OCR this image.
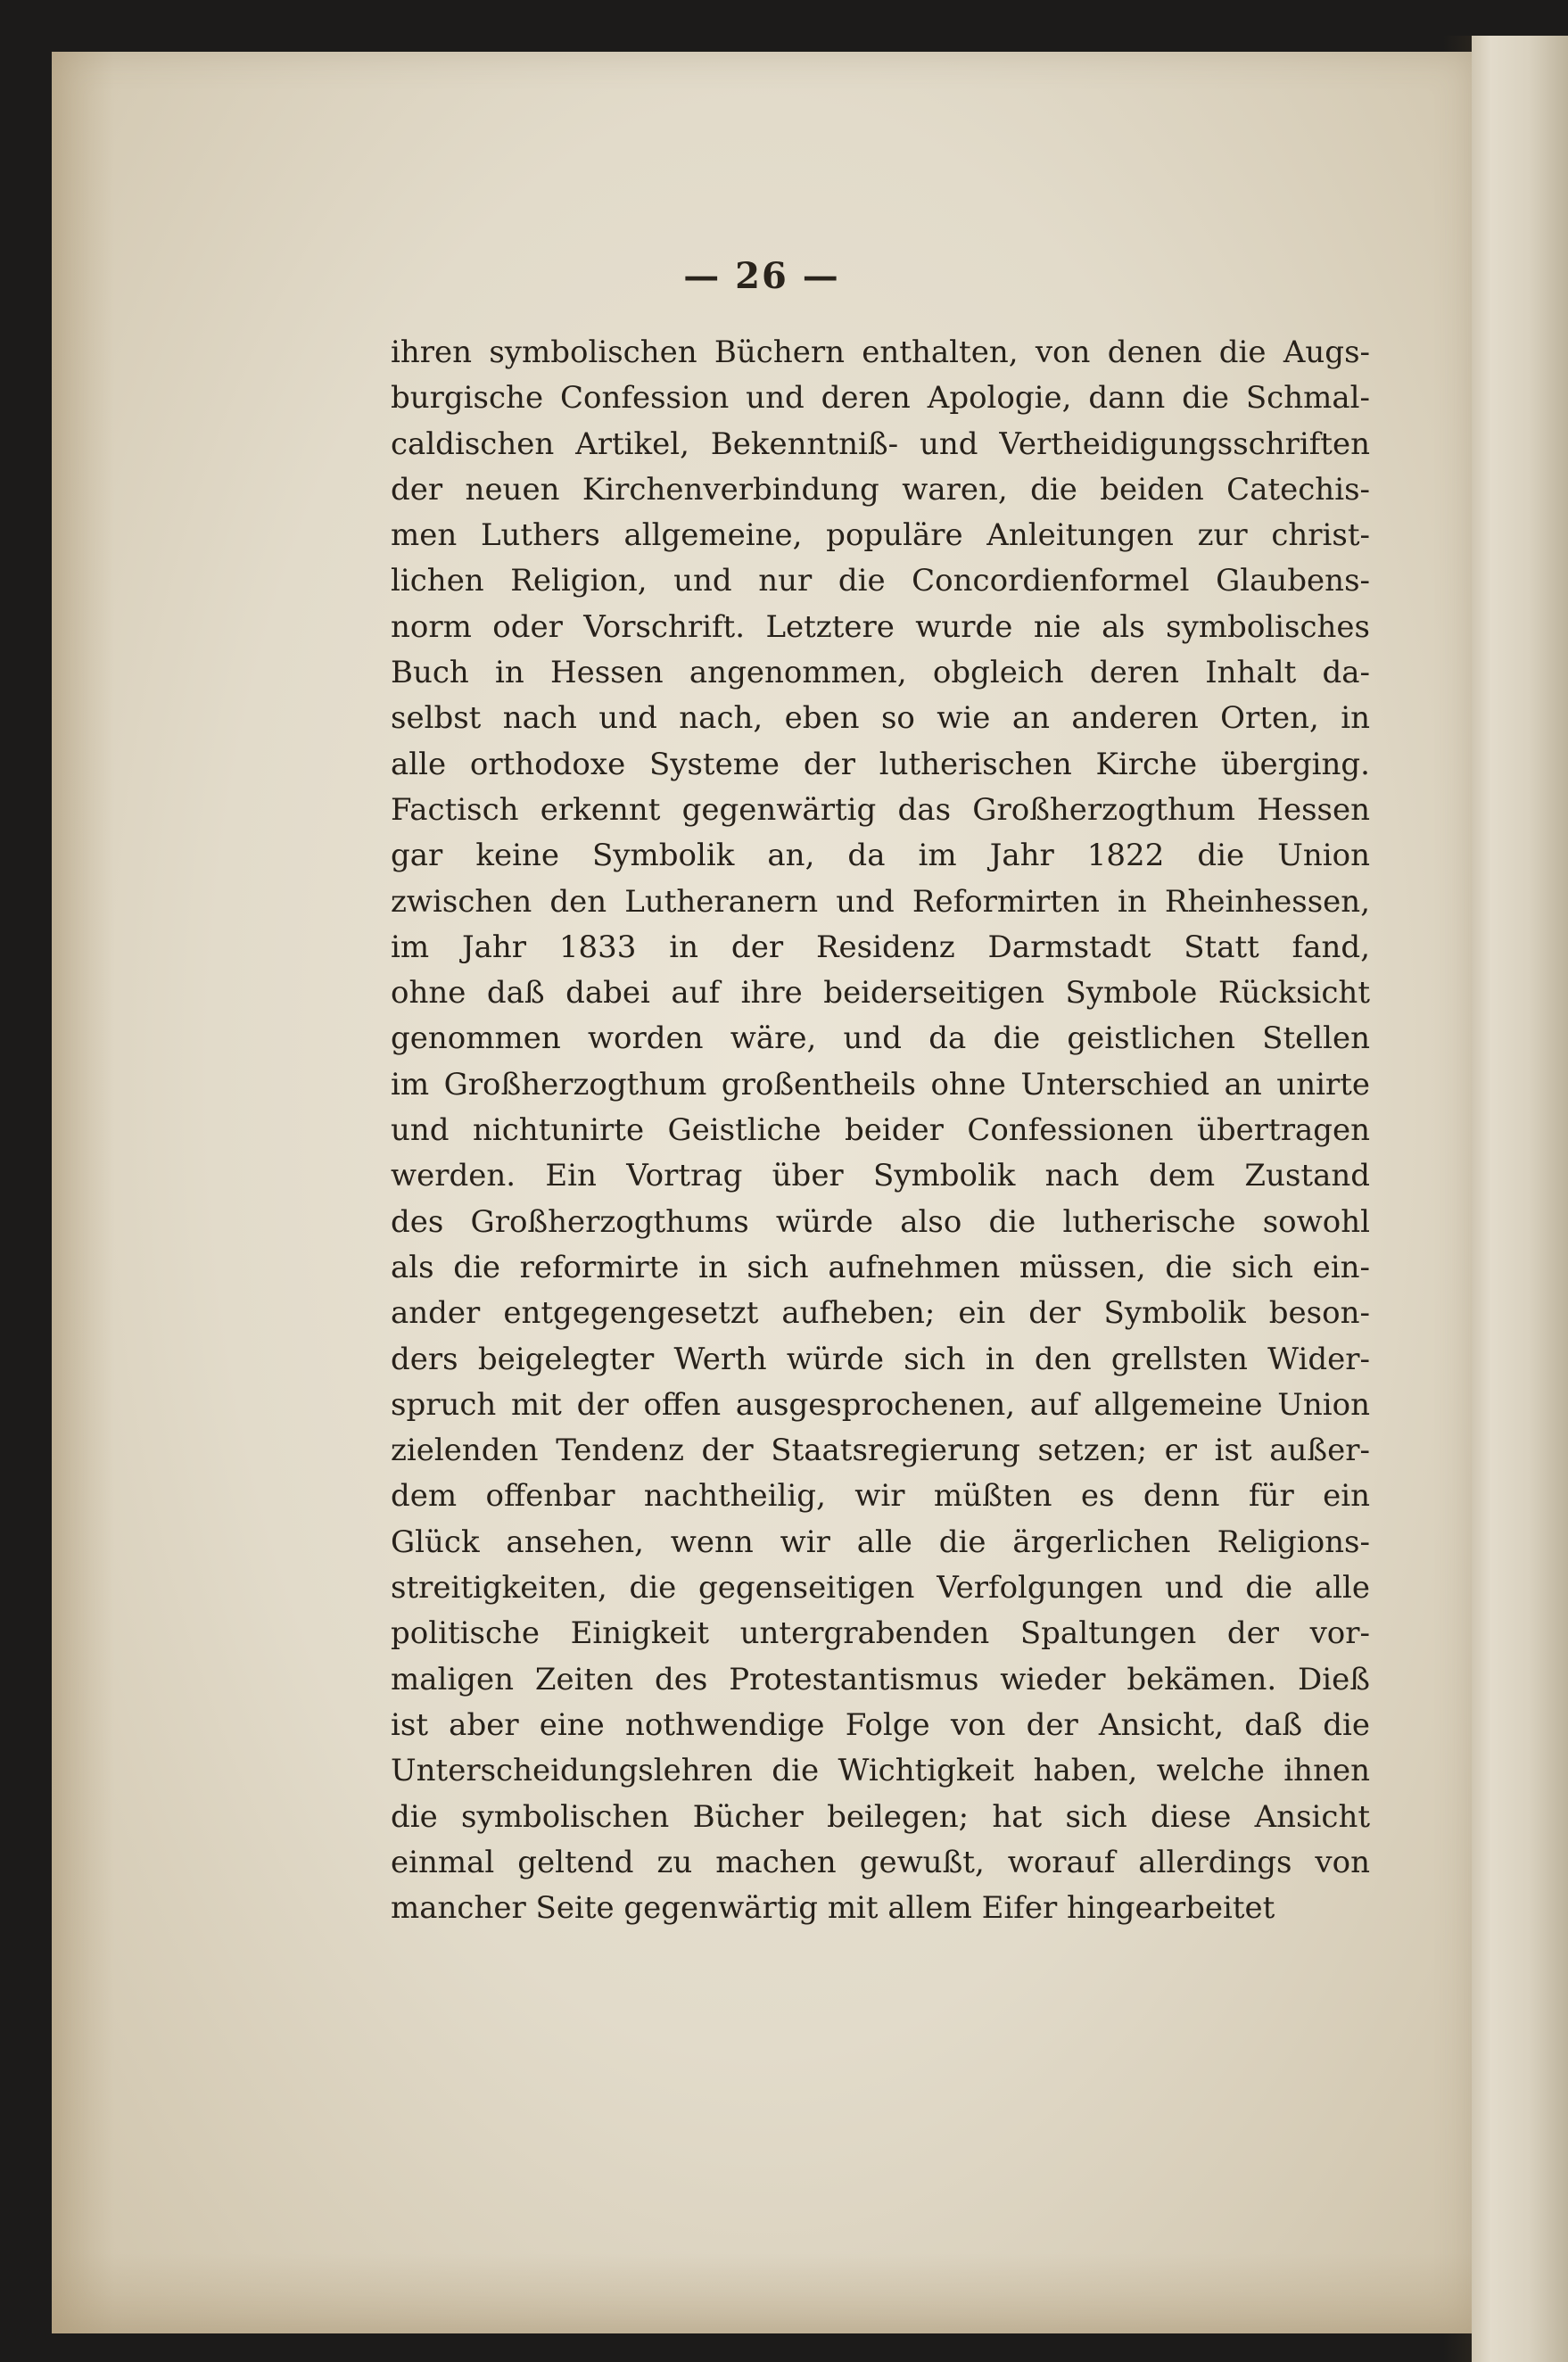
— 26 —
ihren symbolischen Büchern enthalten, von denen die Augs-
burgische Confession und deren Apologie, dann die Schmal-
caldischen Artikel, Bekenntniß- und Vertheidigungsschriften
der neuen Kirchenverbindung waren, die beiden Catechis-
men Luthers allgemeine, populäre Anleitungen zur christ-
lichen Religion, und nur die Concordienformel Glaubens-
norm oder Vorschrift. Letztere wurde nie als symbolisches
Buch in Hessen angenommen, obgleich deren Inhalt da-
selbst nach und nach, eben so wie an anderen Orten, in
alle orthodoxe Systeme der lutherischen Kirche überging.
Factisch erkennt gegenwärtig das Großherzogthum Hessen
gar keine Symbolik an, da im Jahr 1822 die Union
zwischen den Lutheranern und Reformirten in Rheinhessen,
im Jahr 1833 in der Residenz Darmstadt Statt fand,
ohne daß dabei auf ihre beiderseitigen Symbole Rücksicht
genommen worden wäre, und da die geistlichen Stellen
im Großherzogthum großentheils ohne Unterschied an unirte
und nichtunirte Geistliche beider Confessionen übertragen
werden. Ein Vortrag über Symbolik nach dem Zustand
des Großherzogthums würde also die lutherische sowohl
als die reformirte in sich aufnehmen müssen, die sich ein-
ander entgegengesetzt aufheben; ein der Symbolik beson-
ders beigelegter Werth würde sich in den grellsten Wider-
spruch mit der offen ausgesprochenen, auf allgemeine Union
zielenden Tendenz der Staatsregierung setzen; er ist außer-
dem offenbar nachtheilig, wir müßten es denn für ein
Glück ansehen, wenn wir alle die ärgerlichen Religions-
streitigkeiten, die gegenseitigen Verfolgungen und die alle
politische Einigkeit untergrabenden Spaltungen der vor-
maligen Zeiten des Protestantismus wieder bekämen. Dieß
ist aber eine nothwendige Folge von der Ansicht, daß die
Unterscheidungslehren die Wichtigkeit haben, welche ihnen
die symbolischen Bücher beilegen; hat sich diese Ansicht
einmal geltend zu machen gewußt, worauf allerdings von
mancher Seite gegenwärtig mit allem Eifer hingearbeitet
